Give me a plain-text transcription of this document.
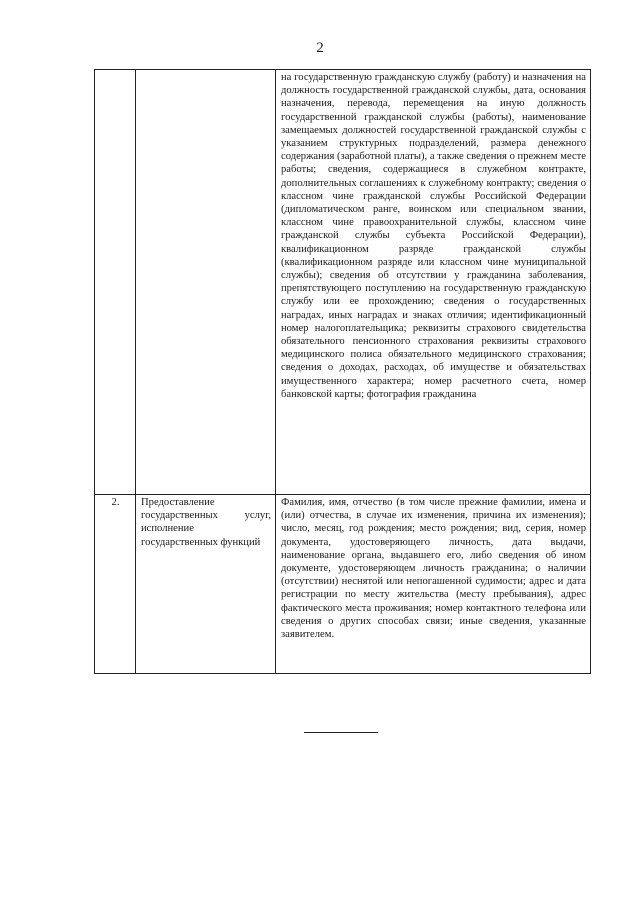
2
		на государственную гражданскую службу (работу) и назначения на должность государственной гражданской службы, дата, основания назначения, перевода, перемещения на иную должность государственной гражданской службы (работы), наименование замещаемых должностей государственной гражданской службы с указанием структурных подразделений, размера денежного содержания (заработной платы), а также сведения о прежнем месте работы; сведения, содержащиеся в служебном контракте, дополнительных соглашениях к служебному контракту; сведения о классном чине гражданской службы Российской Федерации (дипломатическом ранге, воинском или специальном звании, классном чине правоохранительной службы, классном чине гражданской службы субъекта Российской Федерации), квалификационном разряде гражданской службы (квалификационном разряде или классном чине муниципальной службы); сведения об отсутствии у гражданина заболевания, препятствующего поступлению на государственную гражданскую службу или ее прохождению; сведения о государственных наградах, иных наградах и знаках отличия; идентификационный номер налогоплательщика; реквизиты страхового свидетельства обязательного пенсионного страхования реквизиты страхового медицинского полиса обязательного медицинского страхования; сведения о доходах, расходах, об имуществе и обязательствах имущественного характера; номер расчетного счета, номер банковской карты; фотография гражданина
2.	Предоставление государственных услуг, исполнение государственных функций	Фамилия, имя, отчество (в том числе прежние фамилии, имена и (или) отчества, в случае их изменения, причина их изменения); число, месяц, год рождения; место рождения; вид, серия, номер документа, удостоверяющего личность, дата выдачи, наименование органа, выдавшего его, либо сведения об ином документе, удостоверяющем личность гражданина; о наличии (отсутствии) неснятой или непогашенной судимости; адрес и дата регистрации по месту жительства (месту пребывания), адрес фактического места проживания; номер контактного телефона или сведения о других способах связи; иные сведения, указанные заявителем.
